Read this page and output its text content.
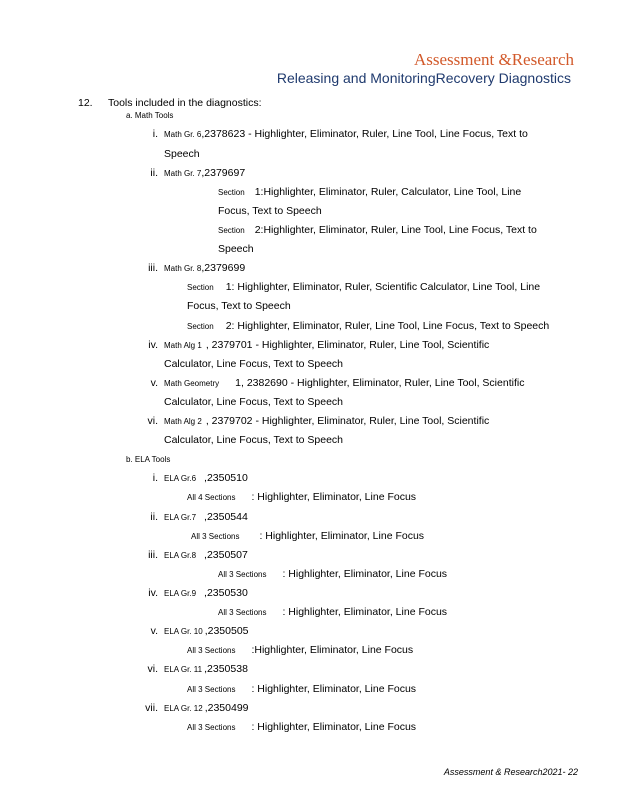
Assessment &Research
Releasing and MonitoringRecovery Diagnostics
12. Tools included in the diagnostics:
a. Math Tools
i. Math Gr. 6,2378623 - Highlighter, Eliminator, Ruler, Line Tool, Line Focus, Text to
Speech
ii. Math Gr. 7,2379697
Section 1:Highlighter, Eliminator, Ruler, Calculator, Line Tool, Line
Focus, Text to Speech
Section 2:Highlighter, Eliminator, Ruler, Line Tool, Line Focus, Text to
Speech
iii. Math Gr. 8,2379699
Section 1: Highlighter, Eliminator, Ruler, Scientific Calculator, Line Tool, Line
Focus, Text to Speech
Section 2: Highlighter, Eliminator, Ruler, Line Tool, Line Focus, Text to Speech
iv. Math Alg 1 , 2379701 - Highlighter, Eliminator, Ruler, Line Tool, Scientific
Calculator, Line Focus, Text to Speech
v. Math Geometry 1, 2382690 - Highlighter, Eliminator, Ruler, Line Tool, Scientific
Calculator, Line Focus, Text to Speech
vi. Math Alg 2 , 2379702 - Highlighter, Eliminator, Ruler, Line Tool, Scientific
Calculator, Line Focus, Text to Speech
b. ELA Tools
i. ELA Gr.6 ,2350510
All 4 Sections : Highlighter, Eliminator, Line Focus
ii. ELA Gr.7 ,2350544
All 3 Sections : Highlighter, Eliminator, Line Focus
iii. ELA Gr.8 ,2350507
All 3 Sections : Highlighter, Eliminator, Line Focus
iv. ELA Gr.9 ,2350530
All 3 Sections : Highlighter, Eliminator, Line Focus
v. ELA Gr. 10 ,2350505
All 3 Sections :Highlighter, Eliminator, Line Focus
vi. ELA Gr. 11 ,2350538
All 3 Sections : Highlighter, Eliminator, Line Focus
vii. ELA Gr. 12 ,2350499
All 3 Sections : Highlighter, Eliminator, Line Focus
Assessment & Research2021- 22
